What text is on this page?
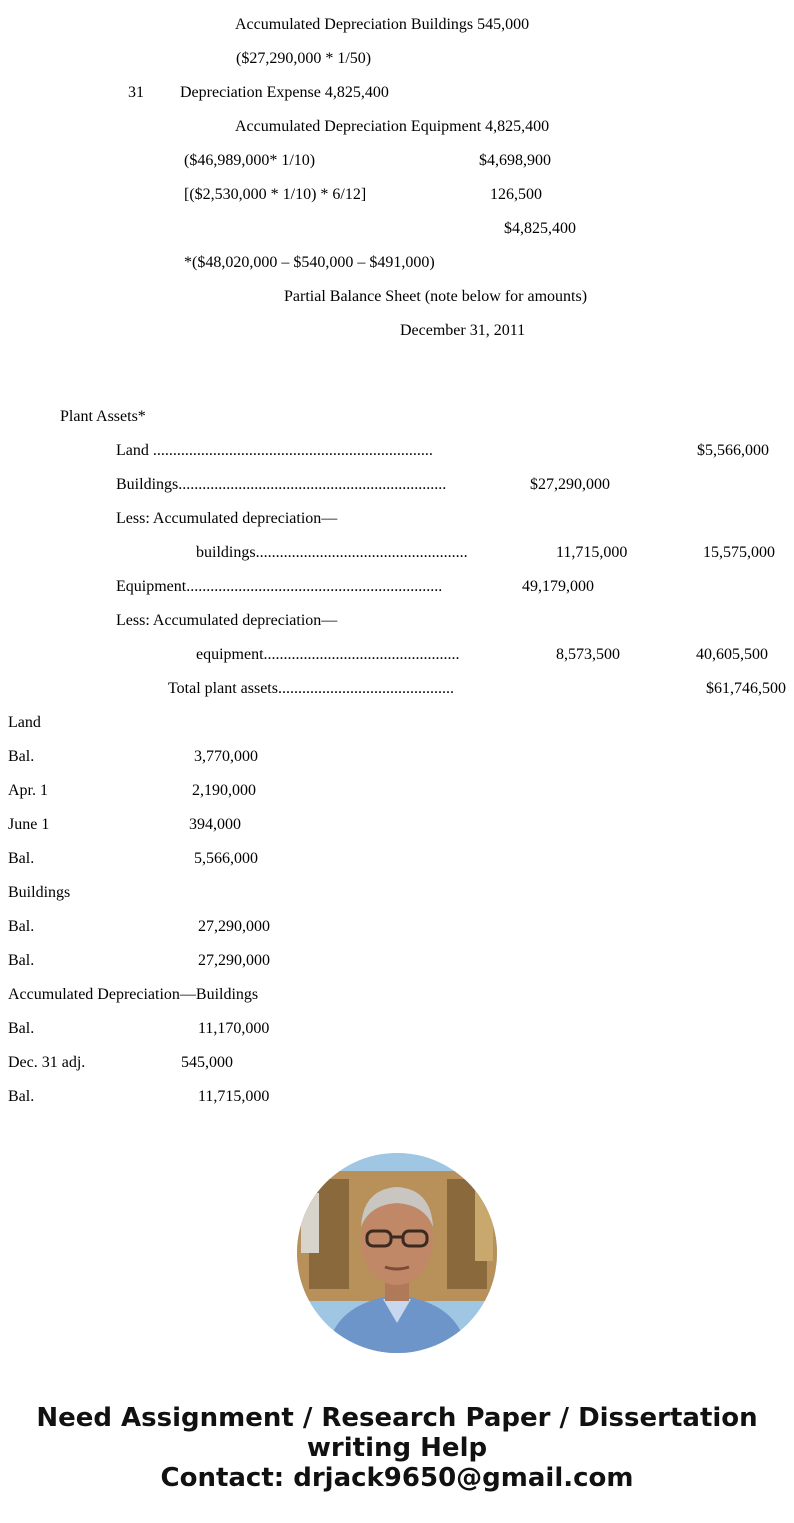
Accumulated Depreciation Buildings 545,000
($27,290,000 * 1/50)
31 Depreciation Expense 4,825,400
Accumulated Depreciation Equipment 4,825,400
($46,989,000* 1/10)	$4,698,900
[($2,530,000 * 1/10) * 6/12]	126,500
$4,825,400
*($48,020,000 – $540,000 – $491,000)
Partial Balance Sheet (note below for amounts)
December 31, 2011
Plant Assets*
Land ......................................................................	$5,566,000
Buildings...................................................................	$27,290,000
Less: Accumulated depreciation—
buildings.....................................................	11,715,000	15,575,000
Equipment................................................................	49,179,000
Less: Accumulated depreciation—
equipment.................................................	8,573,500	40,605,500
Total plant assets............................................	$61,746,500
Land
Bal.	3,770,000
Apr. 1	2,190,000
June 1	394,000
Bal.	5,566,000
Buildings
Bal.	27,290,000
Bal.	27,290,000
Accumulated Depreciation—Buildings
Bal.	11,170,000
Dec. 31 adj.	545,000
Bal.	11,715,000
Need Assignment / Research Paper / Dissertation
writing Help
Contact: drjack9650@gmail.com
